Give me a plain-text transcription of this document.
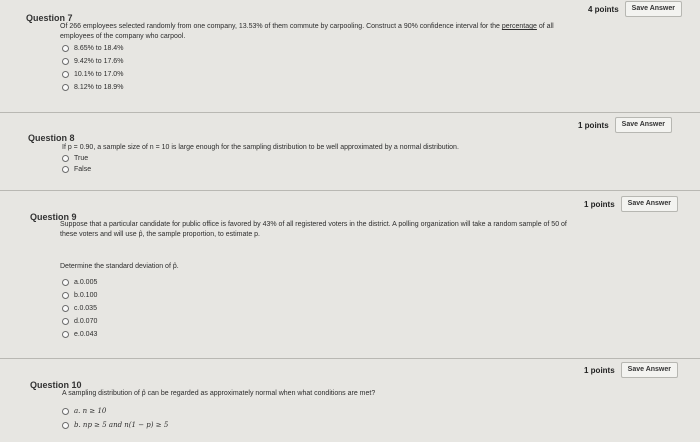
4 points	Save Answer
Question 7
Of 266 employees selected randomly from one company, 13.53% of them commute by carpooling. Construct a 90% confidence interval for the percentage of all
employees of the company who carpool.
8.65% to 18.4%
9.42% to 17.6%
10.1% to 17.0%
8.12% to 18.9%
1 points	Save Answer
Question 8
If p = 0.90, a sample size of n = 10 is large enough for the sampling distribution to be well approximated by a normal distribution.
True
False
1 points	Save Answer
Question 9
Suppose that a particular candidate for public office is favored by 43% of all registered voters in the district. A polling organization will take a random sample of 50 of
these voters and will use p̂, the sample proportion, to estimate p.
Determine the standard deviation of p̂.
a.0.005
b.0.100
c.0.035
d.0.070
e.0.043
1 points	Save Answer
Question 10
A sampling distribution of p̂ can be regarded as approximately normal when what conditions are met?
a. n ≥ 10
b. np ≥ 5 and n(1 − p) ≥ 5
